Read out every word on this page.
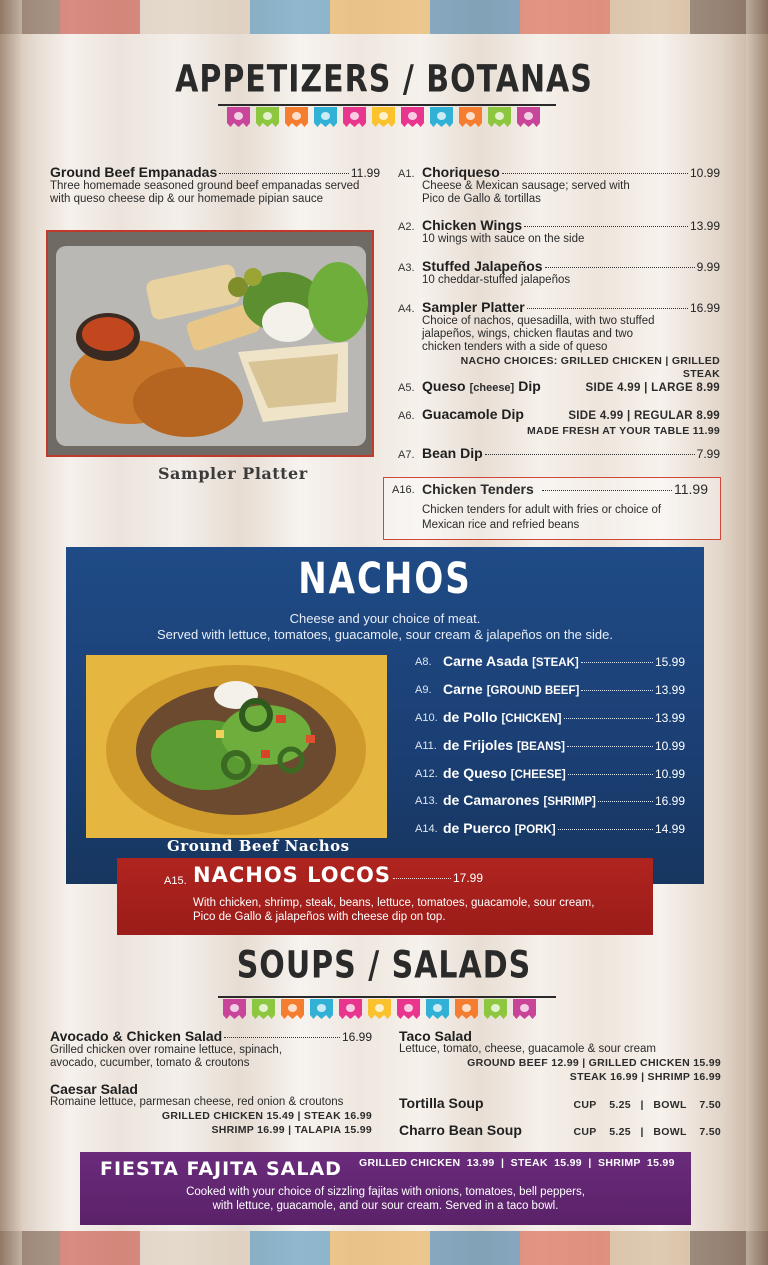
APPETIZERS / BOTANAS
Ground Beef Empanadas	11.99
Three homemade seasoned ground beef empanadas served with queso cheese dip & our homemade pipian sauce
Sampler Platter
A1. Choriqueso	10.99
Cheese & Mexican sausage; served with Pico de Gallo & tortillas
A2. Chicken Wings	13.99
10 wings with sauce on the side
A3. Stuffed Jalapeños	9.99
10 cheddar-stuffed jalapeños
A4. Sampler Platter	16.99
Choice of nachos, quesadilla, with two stuffed jalapeños, wings, chicken flautas and two chicken tenders with a side of queso
NACHO CHOICES: GRILLED CHICKEN | GRILLED STEAK
A5. Queso [cheese] Dip	SIDE 4.99 | LARGE 8.99
A6. Guacamole Dip	SIDE 4.99 | REGULAR 8.99
MADE FRESH AT YOUR TABLE 11.99
A7. Bean Dip	7.99
A16. Chicken Tenders	11.99
Chicken tenders for adult with fries or choice of Mexican rice and refried beans
NACHOS
Cheese and your choice of meat.
Served with lettuce, tomatoes, guacamole, sour cream & jalapeños on the side.
A8. Carne Asada [STEAK]	15.99
A9. Carne [GROUND BEEF]	13.99
A10. de Pollo [CHICKEN]	13.99
A11. de Frijoles [BEANS]	10.99
A12. de Queso [CHEESE]	10.99
A13. de Camarones [SHRIMP]	16.99
A14. de Puerco [PORK]	14.99
Ground Beef Nachos
A15. NACHOS LOCOS	17.99
With chicken, shrimp, steak, beans, lettuce, tomatoes, guacamole, sour cream,
Pico de Gallo & jalapeños with cheese dip on top.
SOUPS / SALADS
Avocado & Chicken Salad	16.99
Grilled chicken over romaine lettuce, spinach, avocado, cucumber, tomato & croutons
Caesar Salad
Romaine lettuce, parmesan cheese, red onion & croutons
GRILLED CHICKEN 15.49 | STEAK 16.99
SHRIMP 16.99 | TALAPIA 15.99
Taco Salad
Lettuce, tomato, cheese, guacamole & sour cream
GROUND BEEF 12.99 | GRILLED CHICKEN 15.99
STEAK 16.99 | SHRIMP 16.99
Tortilla Soup	CUP    5.25   |   BOWL    7.50
Charro Bean Soup	CUP    5.25   |   BOWL    7.50
FIESTA FAJITA SALAD GRILLED CHICKEN  13.99  |  STEAK  15.99  |  SHRIMP  15.99
Cooked with your choice of sizzling fajitas with onions, tomatoes, bell peppers,
with lettuce, guacamole, and our sour cream. Served in a taco bowl.
